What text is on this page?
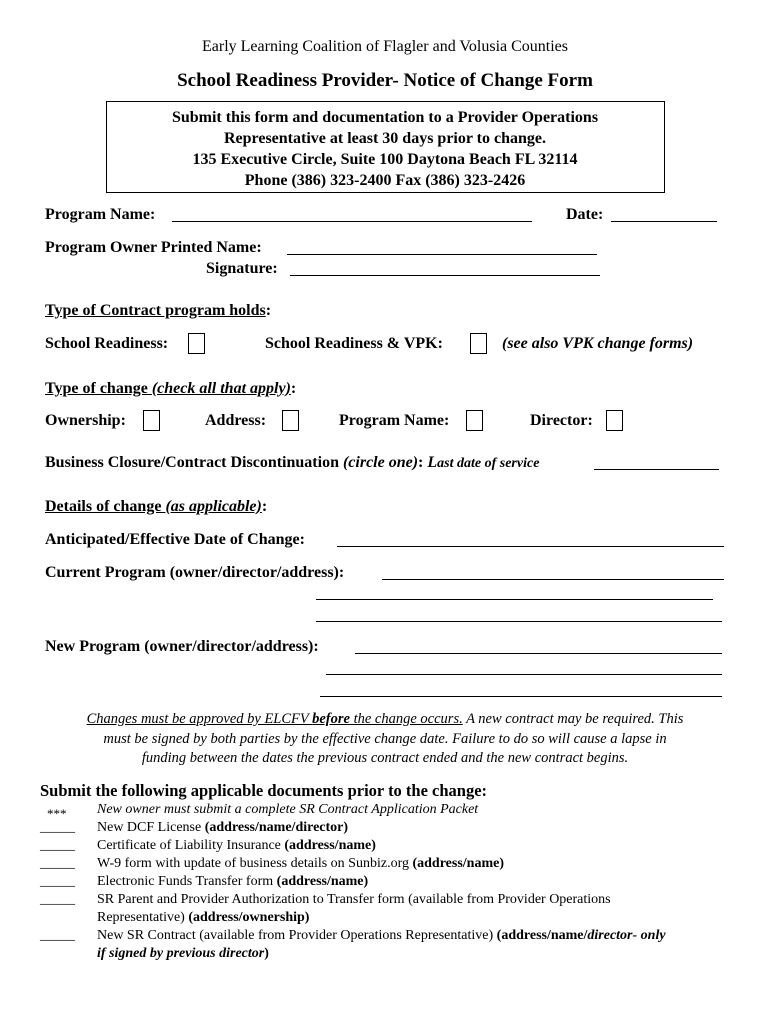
Early Learning Coalition of Flagler and Volusia Counties
School Readiness Provider- Notice of Change Form
Submit this form and documentation to a Provider Operations
Representative at least 30 days prior to change.
135 Executive Circle, Suite 100 Daytona Beach FL 32114
Phone (386) 323-2400 Fax (386) 323-2426
Program Name:	Date:
Program Owner Printed Name:
Signature:
Type of Contract program holds:
School Readiness:	School Readiness & VPK:	(see also VPK change forms)
Type of change (check all that apply):
Ownership:	Address:	Program Name:	Director:
Business Closure/Contract Discontinuation (circle one): Last date of service
Details of change (as applicable):
Anticipated/Effective Date of Change:
Current Program (owner/director/address):
New Program (owner/director/address):
Changes must be approved by ELCFV before the change occurs. A new contract may be required. This
must be signed by both parties by the effective change date. Failure to do so will cause a lapse in
funding between the dates the previous contract ended and the new contract begins.
Submit the following applicable documents prior to the change:
*** New owner must submit a complete SR Contract Application Packet
_____ New DCF License (address/name/director)
_____ Certificate of Liability Insurance (address/name)
_____ W-9 form with update of business details on Sunbiz.org (address/name)
_____ Electronic Funds Transfer form (address/name)
_____ SR Parent and Provider Authorization to Transfer form (available from Provider Operations
Representative) (address/ownership)
_____ New SR Contract (available from Provider Operations Representative) (address/name/director- only
if signed by previous director)
